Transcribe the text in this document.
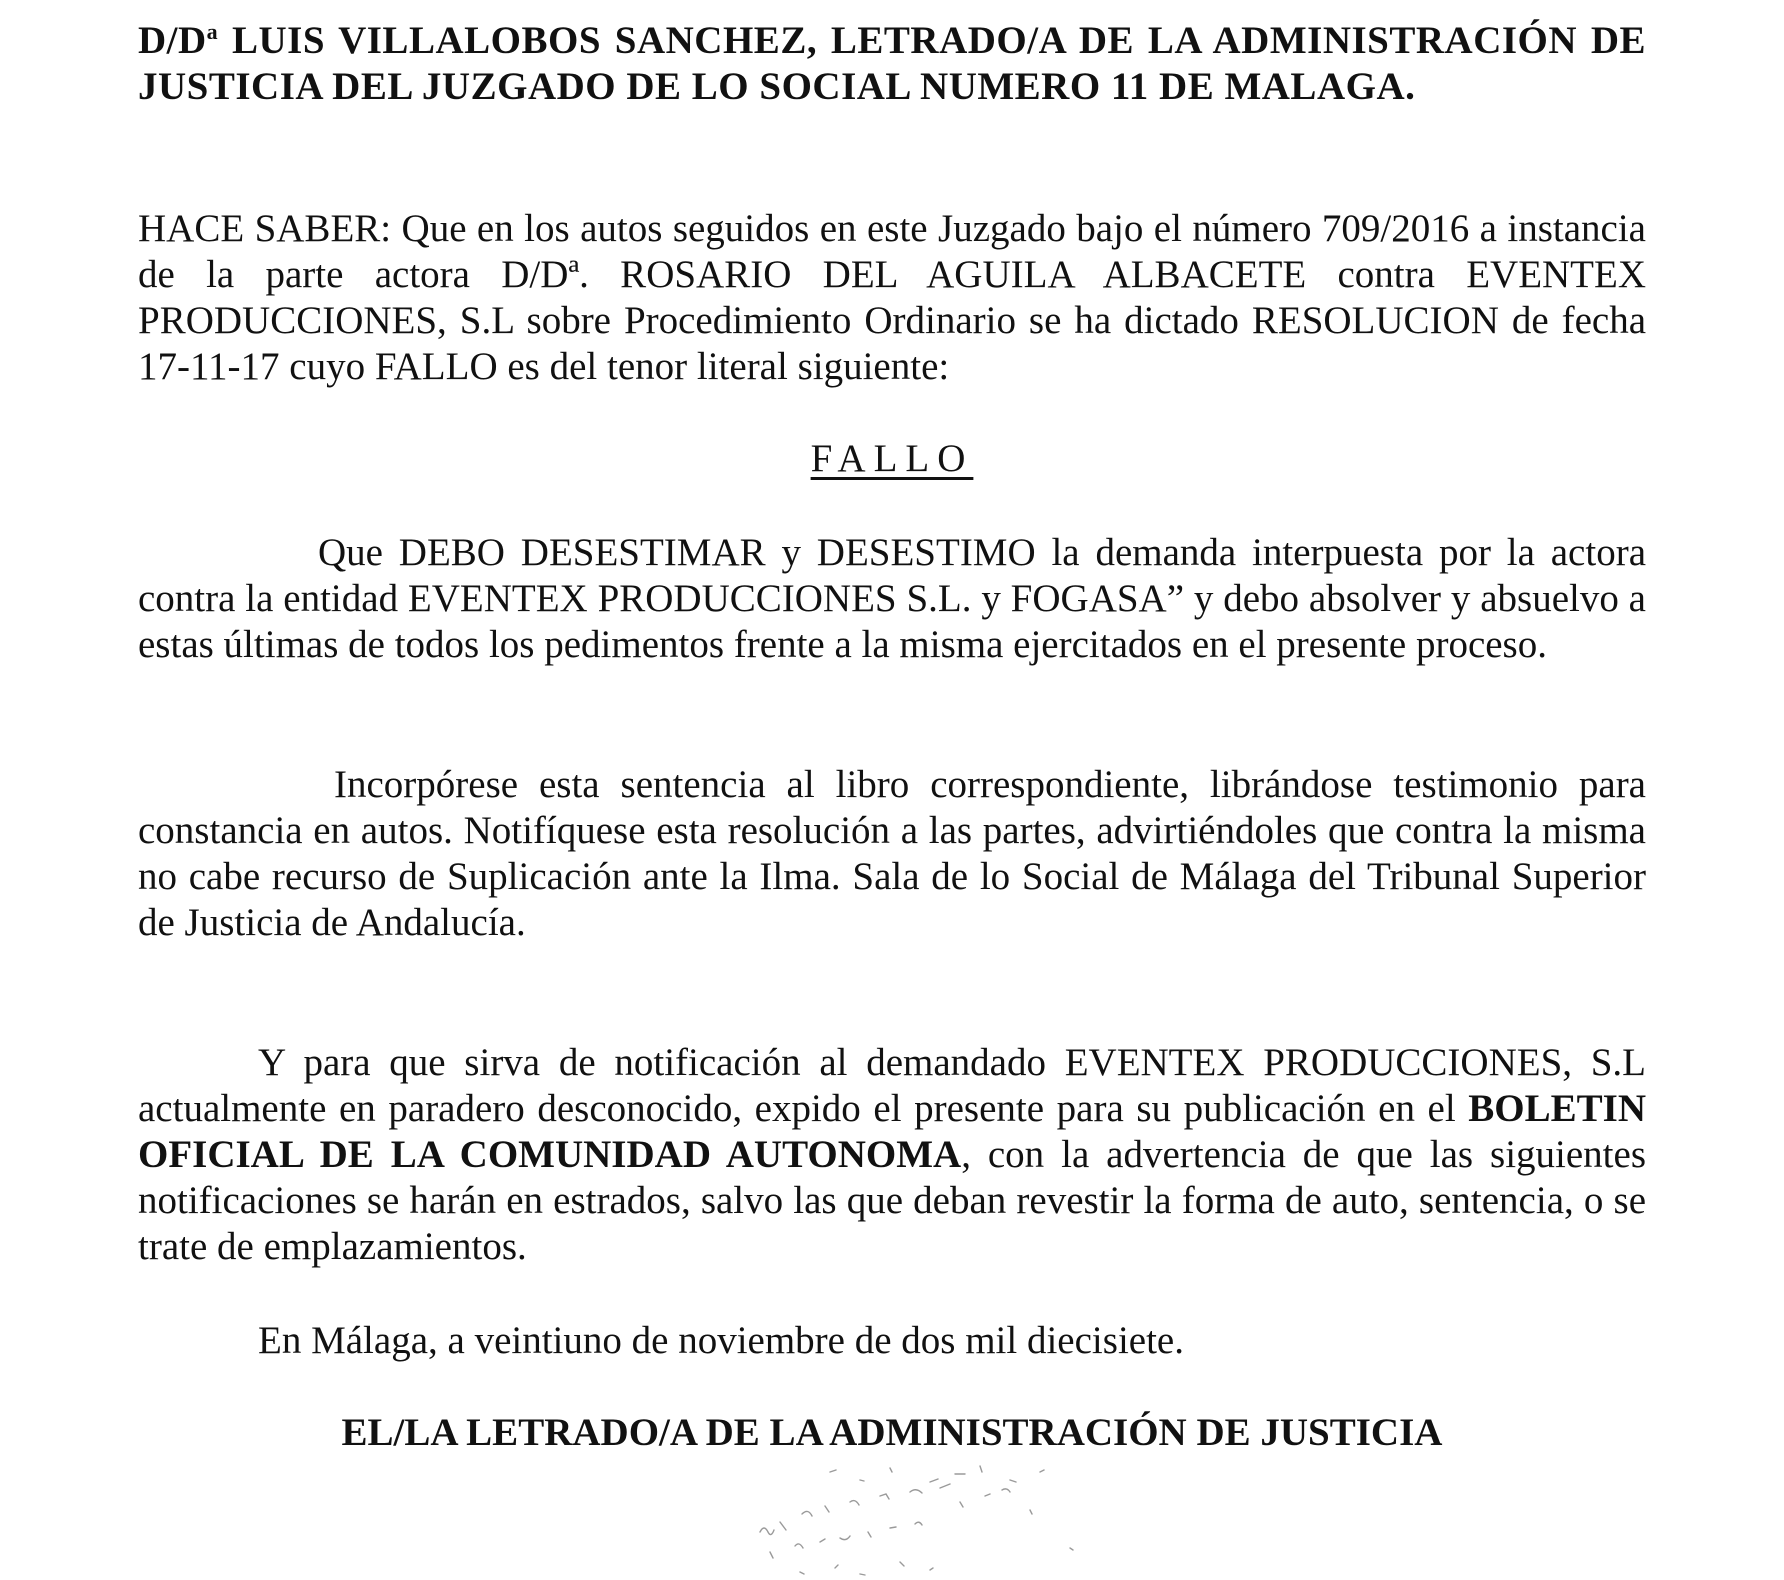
$D/D^a$ LUIS VILLALOBOS SANCHEZ, LETRADO/A DE LA ADMINISTRACIÓN DE JUSTICIA DEL JUZGADO DE LO SOCIAL NUMERO 11 DE MALAGA.

HACE SABER: Que en los autos seguidos en este Juzgado bajo el número 709/2016 a instancia de la parte actora D/Dª. ROSARIO DEL AGUILA ALBACETE contra EVENTEX PRODUCCIONES, S.L sobre Procedimiento Ordinario se ha dictado RESOLUCION de fecha 17-11-17 cuyo FALLO es del tenor literal siguiente:

FALLO

Que DEBO DESESTIMAR y DESESTIMO la demanda interpuesta por la actora contra la entidad EVENTEX PRODUCCIONES S.L. y FOGASA” y debo absolver y absuelvo a estas últimas de todos los pedimentos frente a la misma ejercitados en el presente proceso.

Incorpórese esta sentencia al libro correspondiente, librándose testimonio para constancia en autos. Notifíquese esta resolución a las partes, advirtiéndoles que contra la misma no cabe recurso de Suplicación ante la Ilma. Sala de lo Social de Málaga del Tribunal Superior de Justicia de Andalucía.

Y para que sirva de notificación al demandado EVENTEX PRODUCCIONES, S.L actualmente en paradero desconocido, expido el presente para su publicación en el BOLETIN OFICIAL DE LA COMUNIDAD AUTONOMA, con la advertencia de que las siguientes notificaciones se harán en estrados, salvo las que deban revestir la forma de auto, sentencia, o se trate de emplazamientos.

En Málaga, a veintiuno de noviembre de dos mil diecisiete.

EL/LA LETRADO/A DE LA ADMINISTRACIÓN DE JUSTICIA
